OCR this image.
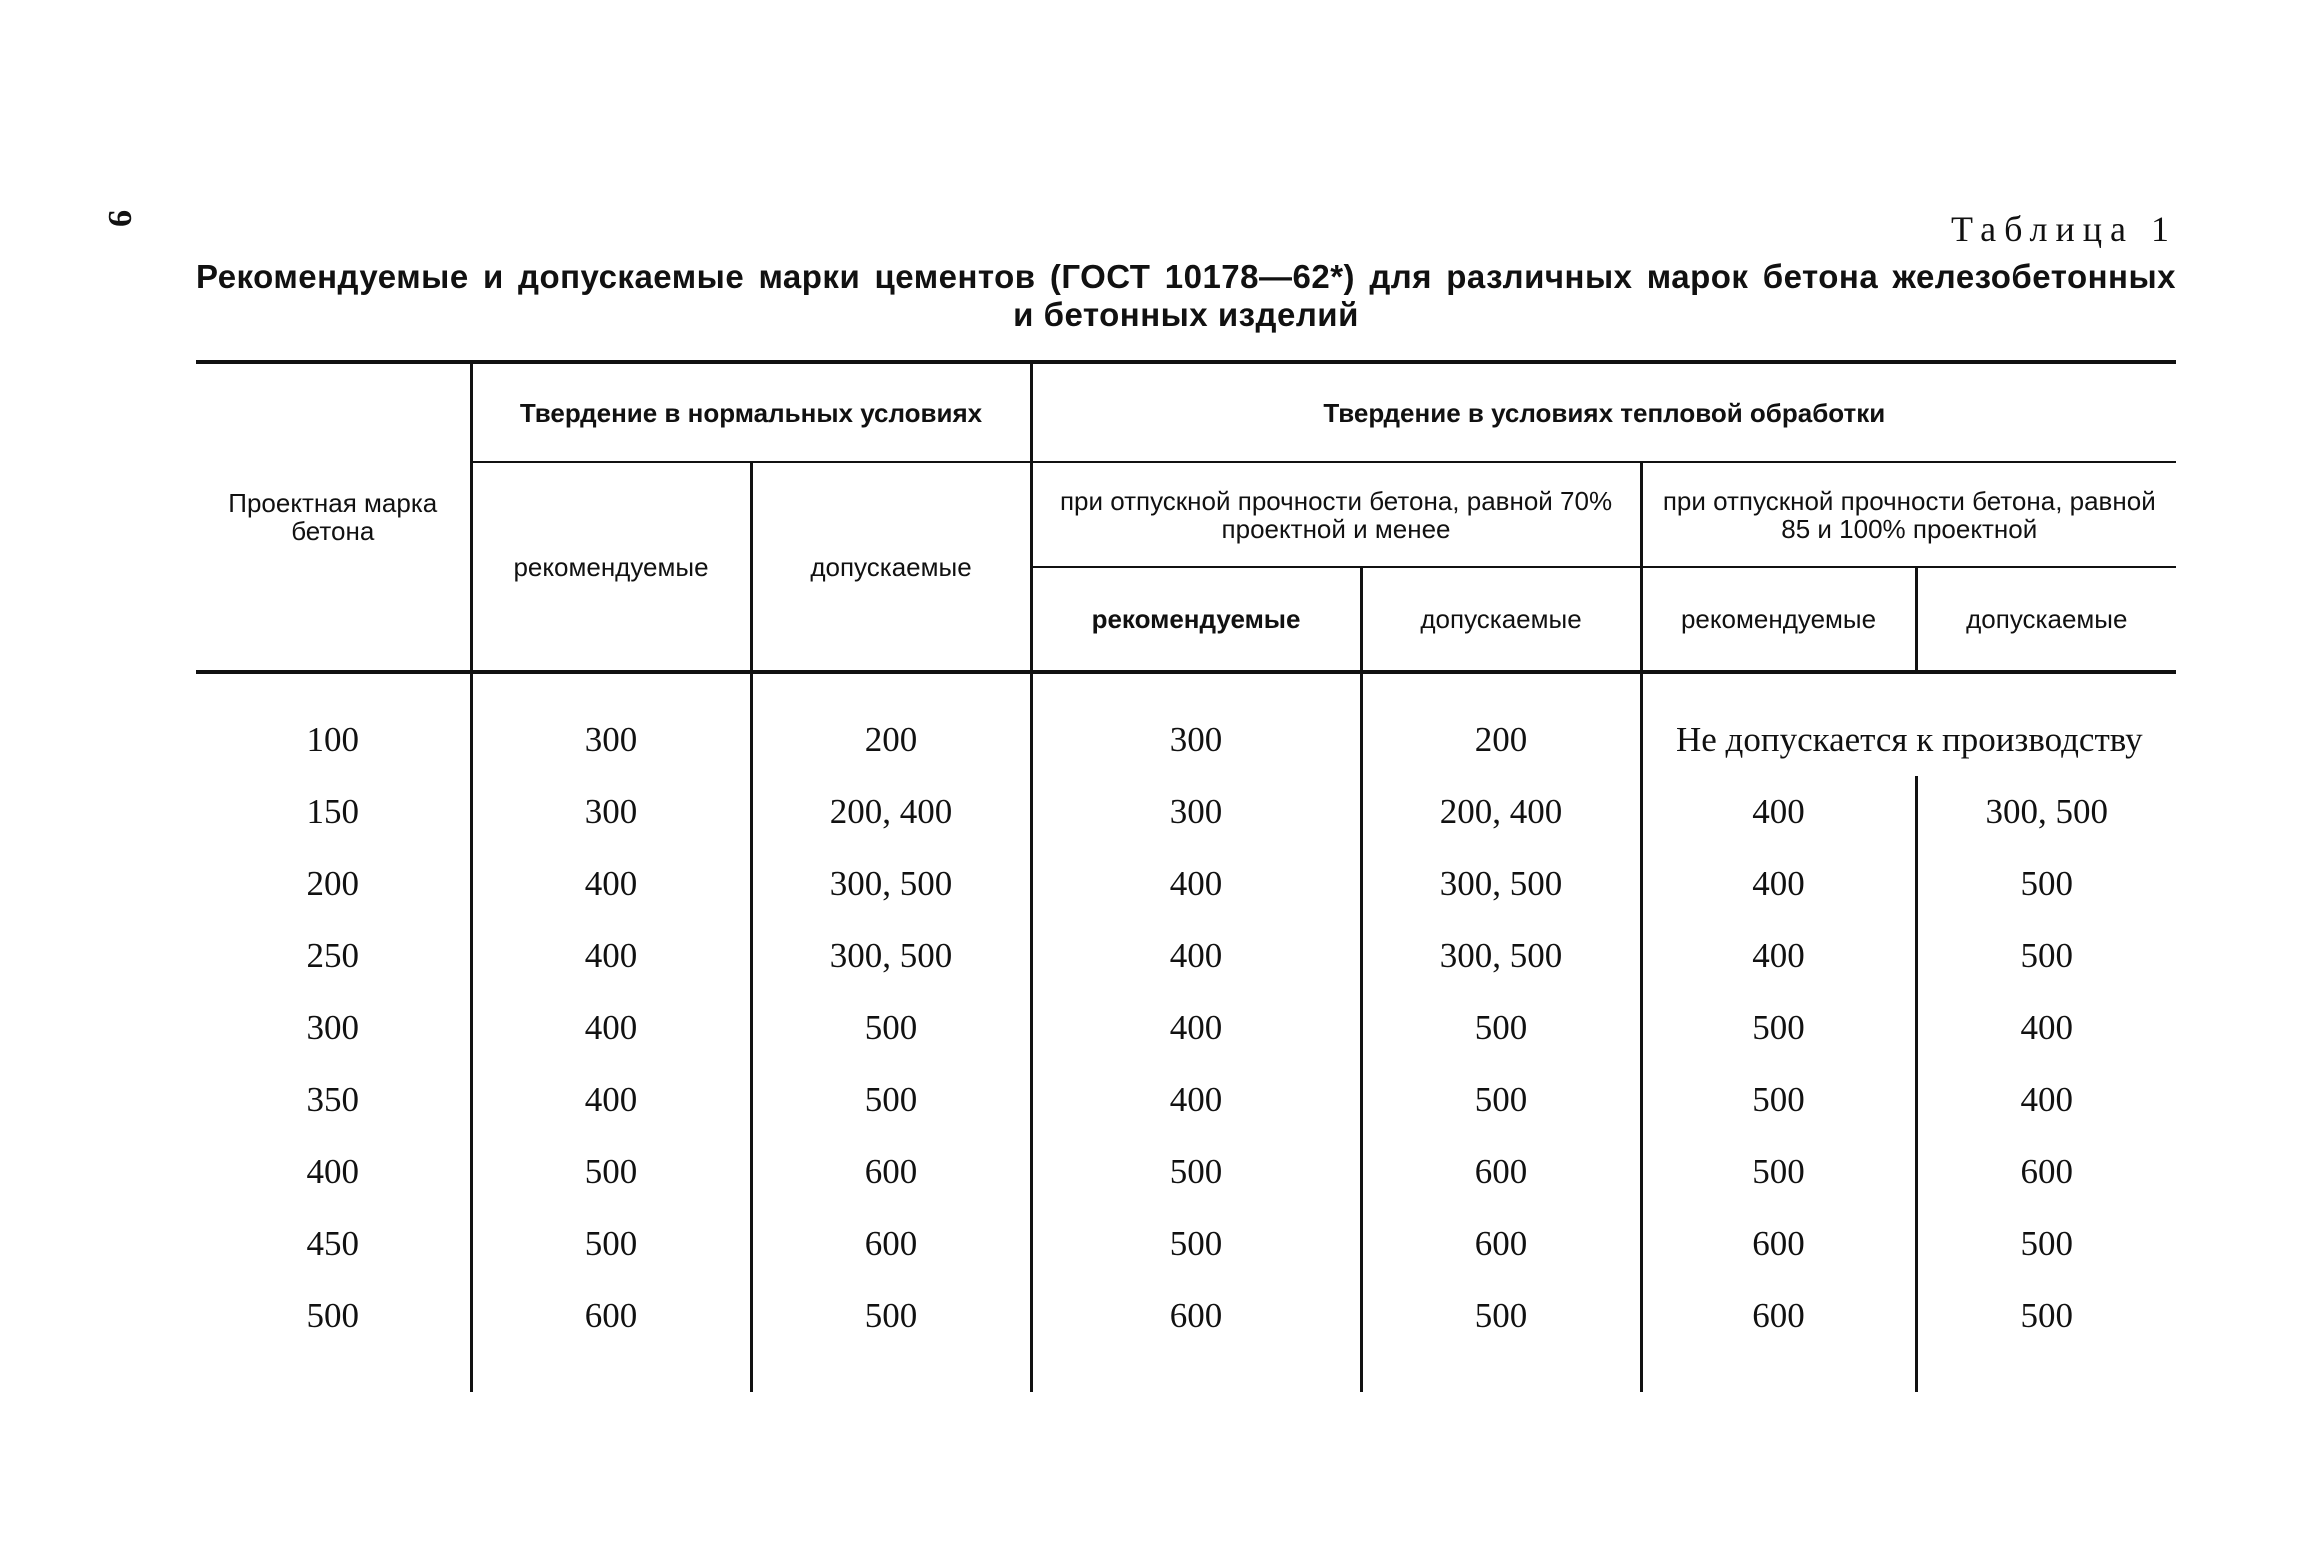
9	Таблица 1
Рекомендуемые и допускаемые марки цементов (ГОСТ 10178—62*) для различных марок бетона железобетонных
и бетонных изделий
Проектная марка бетона	Твердение в нормальных условиях		Твердение в условиях тепловой обработки			
	рекомендуемые	допускаемые	при отпускной прочности бетона, равной 70% проектной и менее		при отпускной прочности бетона, равной 85 и 100% проектной	
			рекомендуемые	допускаемые	рекомендуемые	допускаемые
100	300	200	300	200	Не допускается к производству	
150	300	200, 400	300	200, 400	400	300, 500
200	400	300, 500	400	300, 500	400	500
250	400	300, 500	400	300, 500	400	500
300	400	500	400	500	500	400
350	400	500	400	500	500	400
400	500	600	500	600	500	600
450	500	600	500	600	600	500
500	600	500	600	500	600	500
